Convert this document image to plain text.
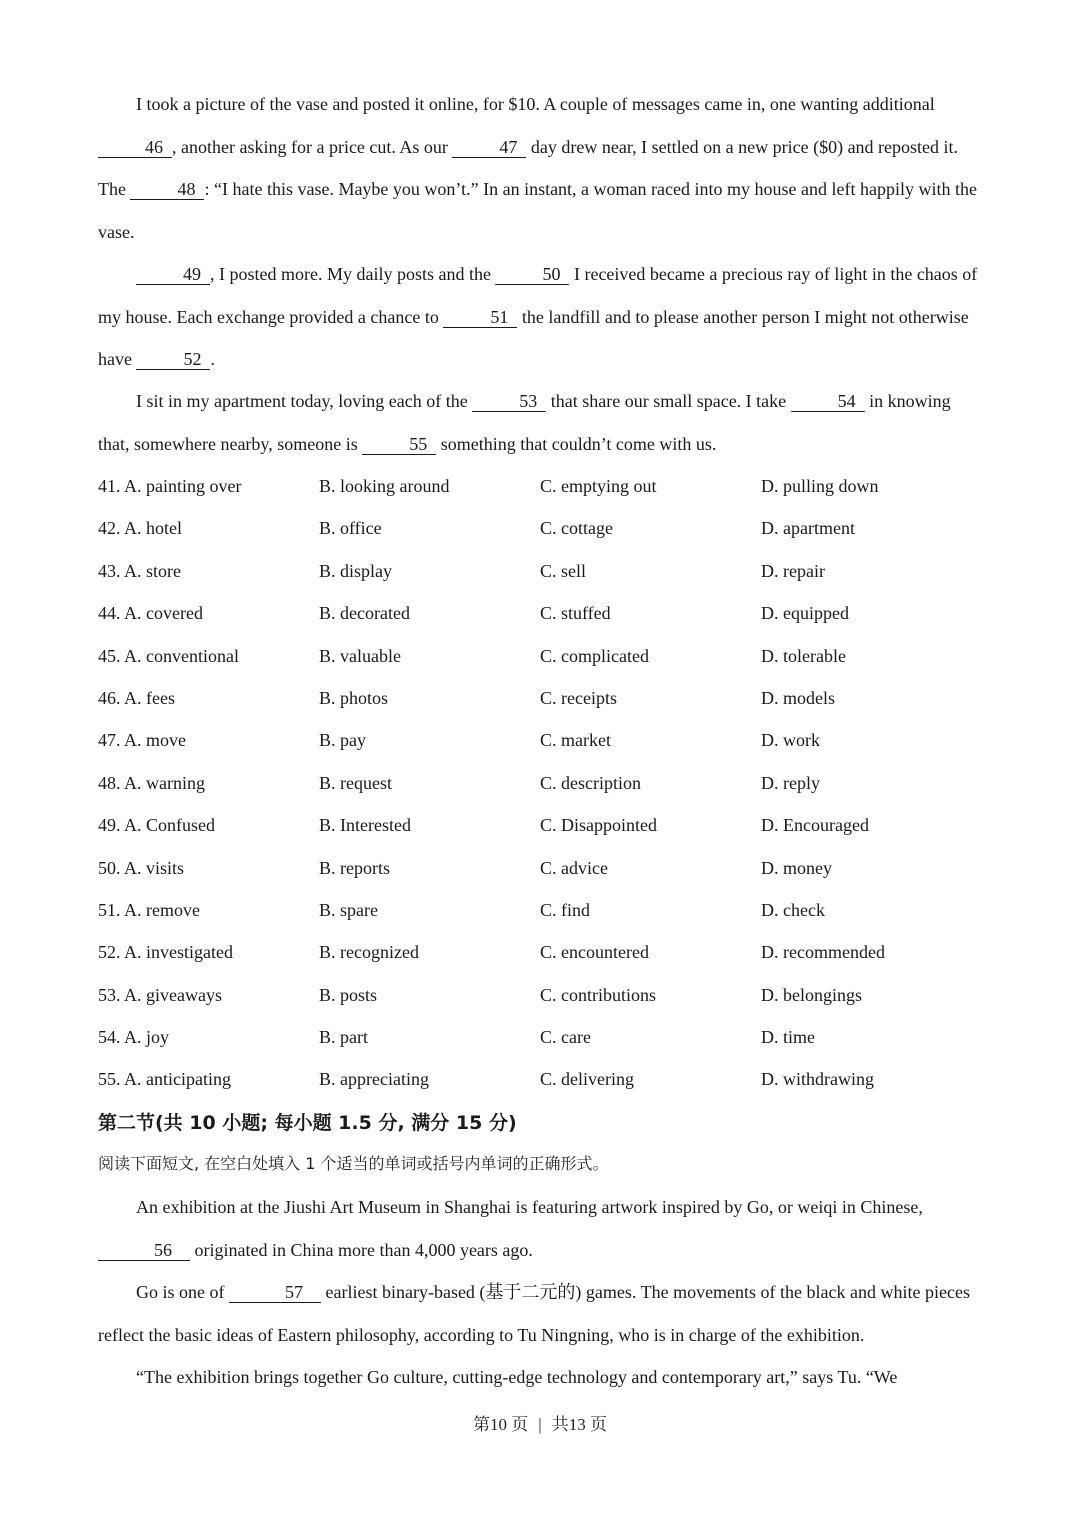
I took a picture of the vase and posted it online, for $10. A couple of messages came in, one wanting additional 46 , another asking for a price cut. As our	47 day drew near, I settled on a new price ($0) and reposted it. The	48 : “I hate this vase. Maybe you won’t.” In an instant, a woman raced into my house and left happily with the vase.

49 , I posted more. My daily posts and the	50 I received became a precious ray of light in the chaos of my house. Each exchange provided a chance to	51 the landfill and to please another person I might not otherwise have	52 .

I sit in my apartment today, loving each of the	53 that share our small space. I take	54 in knowing that, somewhere nearby, someone is	55 something that couldn’t come with us.

41. A. painting over	B. looking around	C. emptying out	D. pulling down
42. A. hotel	B. office	C. cottage	D. apartment
43. A. store	B. display	C. sell	D. repair
44. A. covered	B. decorated	C. stuffed	D. equipped
45. A. conventional	B. valuable	C. complicated	D. tolerable
46. A. fees	B. photos	C. receipts	D. models
47. A. move	B. pay	C. market	D. work
48. A. warning	B. request	C. description	D. reply
49. A. Confused	B. Interested	C. Disappointed	D. Encouraged
50. A. visits	B. reports	C. advice	D. money
51. A. remove	B. spare	C. find	D. check
52. A. investigated	B. recognized	C. encountered	D. recommended
53. A. giveaways	B. posts	C. contributions	D. belongings
54. A. joy	B. part	C. care	D. time
55. A. anticipating	B. appreciating	C. delivering	D. withdrawing
第二节(共 10 小题; 每小题 1.5 分, 满分 15 分)

阅读下面短文, 在空白处填入 1 个适当的单词或括号内单词的正确形式。

An exhibition at the Jiushi Art Museum in Shanghai is featuring artwork inspired by Go, or weiqi in Chinese, 56 originated in China more than 4,000 years ago.

Go is one of	57 earliest binary-based (基于二元的) games. The movements of the black and white pieces reflect the basic ideas of Eastern philosophy, according to Tu Ningning, who is in charge of the exhibition.

“The exhibition brings together Go culture, cutting-edge technology and contemporary art,” says Tu. “We

第10 页 | 共13 页
